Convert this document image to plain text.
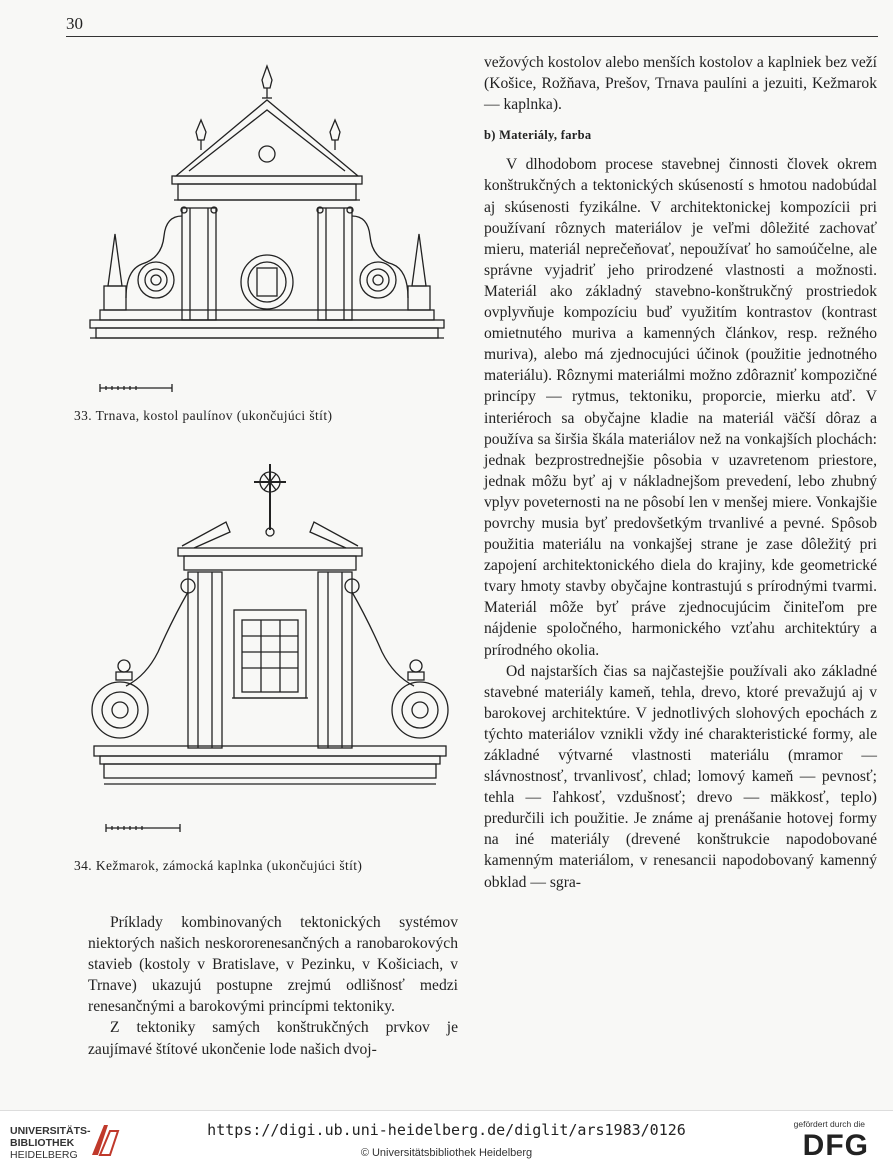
30
33. Trnava, kostol paulínov (ukončujúci štít)
34. Kežmarok, zámocká kaplnka (ukončujúci štít)

Príklady kombinovaných tektonických systémov niektorých našich neskororenesančných a ranobarokových stavieb (kostoly v Bratislave, v Pezinku, v Košiciach, v Trnave) ukazujú postupne zrejmú odlišnosť medzi renesančnými a barokovými princípmi tektoniky.

Z tektoniky samých konštrukčných prvkov je zaujímavé štítové ukončenie lode našich dvoj-

vežových kostolov alebo menších kostolov a kaplniek bez veží (Košice, Rožňava, Prešov, Trnava paulíni a jezuiti, Kežmarok — kaplnka).

b) Materiály, farba

V dlhodobom procese stavebnej činnosti človek okrem konštrukčných a tektonických skúseností s hmotou nadobúdal aj skúsenosti fyzikálne. V architektonickej kompozícii pri používaní rôznych materiálov je veľmi dôležité zachovať mieru, materiál neprečeňovať, nepoužívať ho samoúčelne, ale správne vyjadriť jeho prirodzené vlastnosti a možnosti. Materiál ako základný stavebno-konštrukčný prostriedok ovplyvňuje kompozíciu buď využitím kontrastov (kontrast omietnutého muriva a kamenných článkov, resp. režného muriva), alebo má zjednocujúci účinok (použitie jednotného materiálu). Rôznymi materiálmi možno zdôrazniť kompozičné princípy — rytmus, tektoniku, proporcie, mierku atď. V interiéroch sa obyčajne kladie na materiál väčší dôraz a používa sa širšia škála materiálov než na vonkajších plochách: jednak bezprostrednejšie pôsobia v uzavretenom priestore, jednak môžu byť aj v nákladnejšom prevedení, lebo zhubný vplyv poveternosti na ne pôsobí len v menšej miere. Vonkajšie povrchy musia byť predovšetkým trvanlivé a pevné. Spôsob použitia materiálu na vonkajšej strane je zase dôležitý pri zapojení architektonického diela do krajiny, kde geometrické tvary hmoty stavby obyčajne kontrastujú s prírodnými tvarmi. Materiál môže byť práve zjednocujúcim činiteľom pre nájdenie spoločného, harmonického vzťahu architektúry a prírodného okolia.

Od najstarších čias sa najčastejšie používali ako základné stavebné materiály kameň, tehla, drevo, ktoré prevažujú aj v barokovej architektúre. V jednotlivých slohových epochách z týchto materiálov vznikli vždy iné charakteristické formy, ale základné výtvarné vlastnosti materiálu (mramor — slávnostnosť, trvanlivosť, chlad; lomový kameň — pevnosť; tehla — ľahkosť, vzdušnosť; drevo — mäkkosť, teplo) predurčili ich použitie. Je známe aj prenášanie hotovej formy na iné materiály (drevené konštrukcie napodobované kamenným materiálom, v renesancii napodobovaný kamenný obklad — sgra-

UNIVERSITÄTS-
BIBLIOTHEK
HEIDELBERG
https://digi.ub.uni-heidelberg.de/diglit/ars1983/0126
© Universitätsbibliothek Heidelberg
gefördert durch die
DFG
